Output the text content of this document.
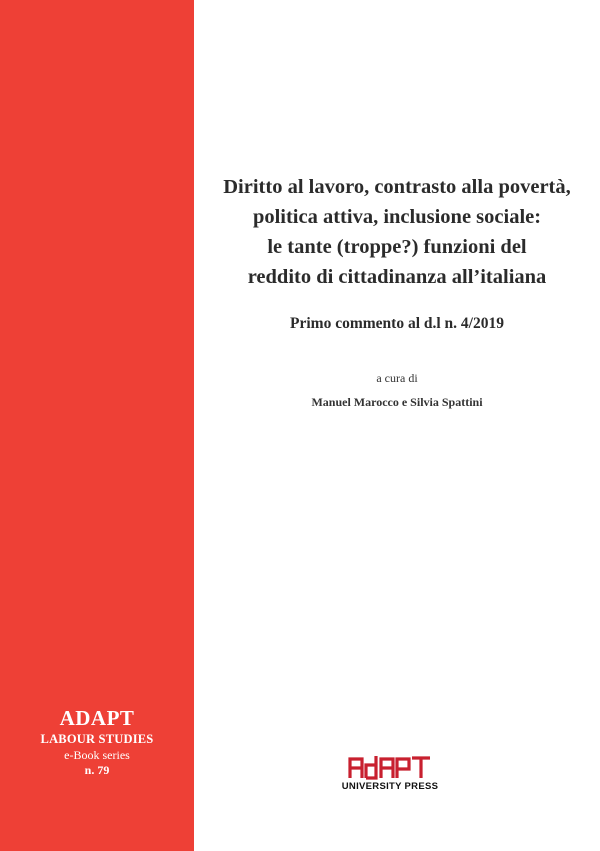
ADAPT
LABOUR STUDIES
e-Book series
n. 79
Diritto al lavoro, contrasto alla povertà,
politica attiva, inclusione sociale:
le tante (troppe?) funzioni del
reddito di cittadinanza all’italiana
Primo commento al d.l n. 4/2019
a cura di
Manuel Marocco e Silvia Spattini
UNIVERSITY PRESS
